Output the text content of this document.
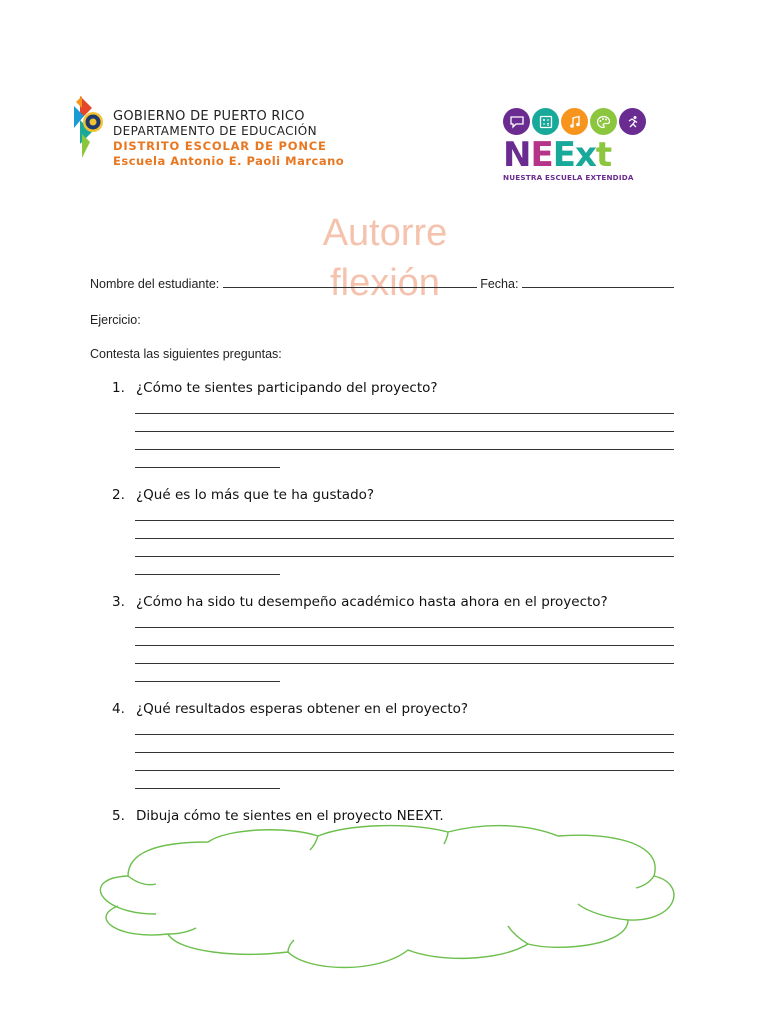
GOBIERNO DE PUERTO RICO
DEPARTAMENTO DE EDUCACIÓN
DISTRITO ESCOLAR DE PONCE
Escuela Antonio E. Paoli Marcano	NEExt
NUESTRA ESCUELA EXTENDIDA
Autorre flexión
Nombre del estudiante:	Fecha:
Ejercicio:
Contesta las siguientes preguntas:
1. ¿Cómo te sientes participando del proyecto?
2. ¿Qué es lo más que te ha gustado?
3. ¿Cómo ha sido tu desempeño académico hasta ahora en el proyecto?
4. ¿Qué resultados esperas obtener en el proyecto?
5. Dibuja cómo te sientes en el proyecto NEEXT.
